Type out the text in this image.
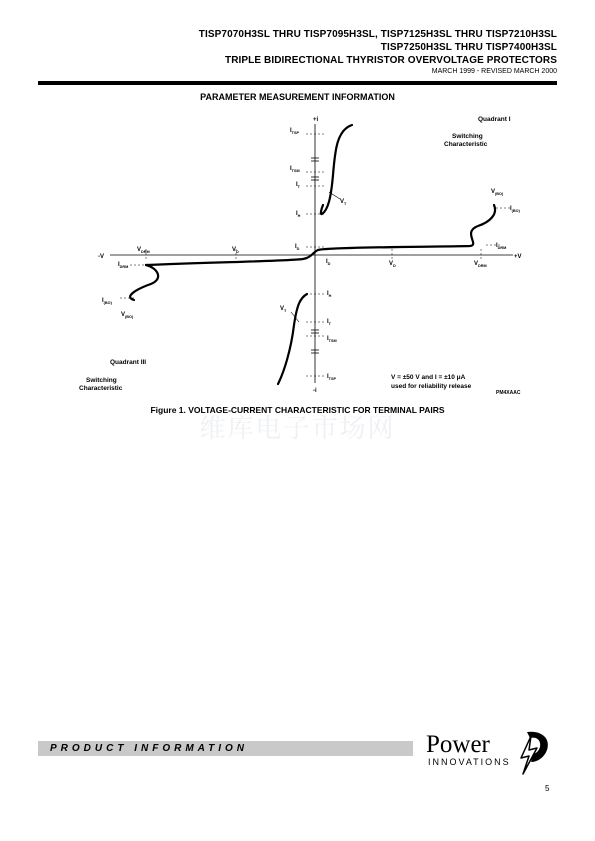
TISP7070H3SL THRU TISP7095H3SL, TISP7125H3SL THRU TISP7210H3SL
TISP7250H3SL THRU TISP7400H3SL
TRIPLE BIDIRECTIONAL THYRISTOR OVERVOLTAGE PROTECTORS
MARCH 1999 - REVISED MARCH 2000
PARAMETER MEASUREMENT INFORMATION
+i
-i
+V
-V
Quadrant I
Switching
Characteristic
Quadrant III
Switching
Characteristic
$I_{TSP}$
$I_{TSM}$
$I_T$
$V_T$
$I_H$
$I_D$
$V_{(BO)}$
$I_{(BO)}$
$I_{DRM}$
$V_{DRM}$
$V_D$
$I_D$
$V_{DRM}$	$V_D$
$I_{DRM}$
$I_{(BO)}$
$V_{(BO)}$
$I_H$
$V_T$
$I_T$
$I_{TSM}$
$I_{TSP}$	V = ±50 V and I = ±10 μA
used for reliability release
PM4XAAC
Figure 1. VOLTAGE-CURRENT CHARACTERISTIC FOR TERMINAL PAIRS
维库电子市场网
PRODUCT INFORMATION	Power
INNOVATIONS
5
